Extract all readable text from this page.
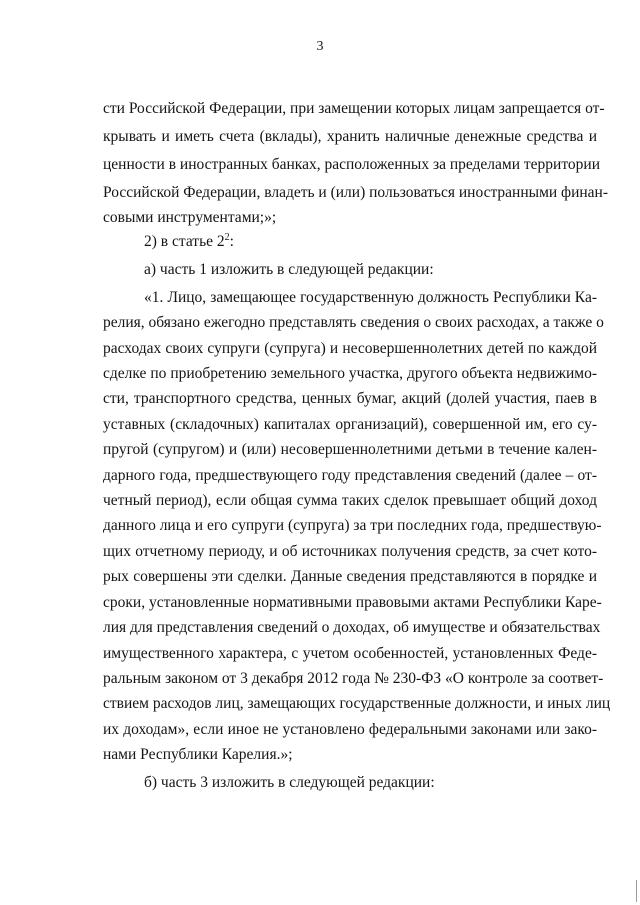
3
сти Российской Федерации, при замещении которых лицам запрещается от-
крывать и иметь счета (вклады), хранить наличные денежные средства и
ценности в иностранных банках, расположенных за пределами территории
Российской Федерации, владеть и (или) пользоваться иностранными финан-
совыми инструментами;»;
2) в статье $2^2$:
а) часть 1 изложить в следующей редакции:
«1. Лицо, замещающее государственную должность Республики Ка-
релия, обязано ежегодно представлять сведения о своих расходах, а также о
расходах своих супруги (супруга) и несовершеннолетних детей по каждой
сделке по приобретению земельного участка, другого объекта недвижимо-
сти, транспортного средства, ценных бумаг, акций (долей участия, паев в
уставных (складочных) капиталах организаций), совершенной им, его су-
пругой (супругом) и (или) несовершеннолетними детьми в течение кален-
дарного года, предшествующего году представления сведений (далее – от-
четный период), если общая сумма таких сделок превышает общий доход
данного лица и его супруги (супруга) за три последних года, предшествую-
щих отчетному периоду, и об источниках получения средств, за счет кото-
рых совершены эти сделки. Данные сведения представляются в порядке и
сроки, установленные нормативными правовыми актами Республики Каре-
лия для представления сведений о доходах, об имуществе и обязательствах
имущественного характера, с учетом особенностей, установленных Феде-
ральным законом от 3 декабря 2012 года № 230-ФЗ «О контроле за соответ-
ствием расходов лиц, замещающих государственные должности, и иных лиц
их доходам», если иное не установлено федеральными законами или зако-
нами Республики Карелия.»;
б) часть 3 изложить в следующей редакции:
